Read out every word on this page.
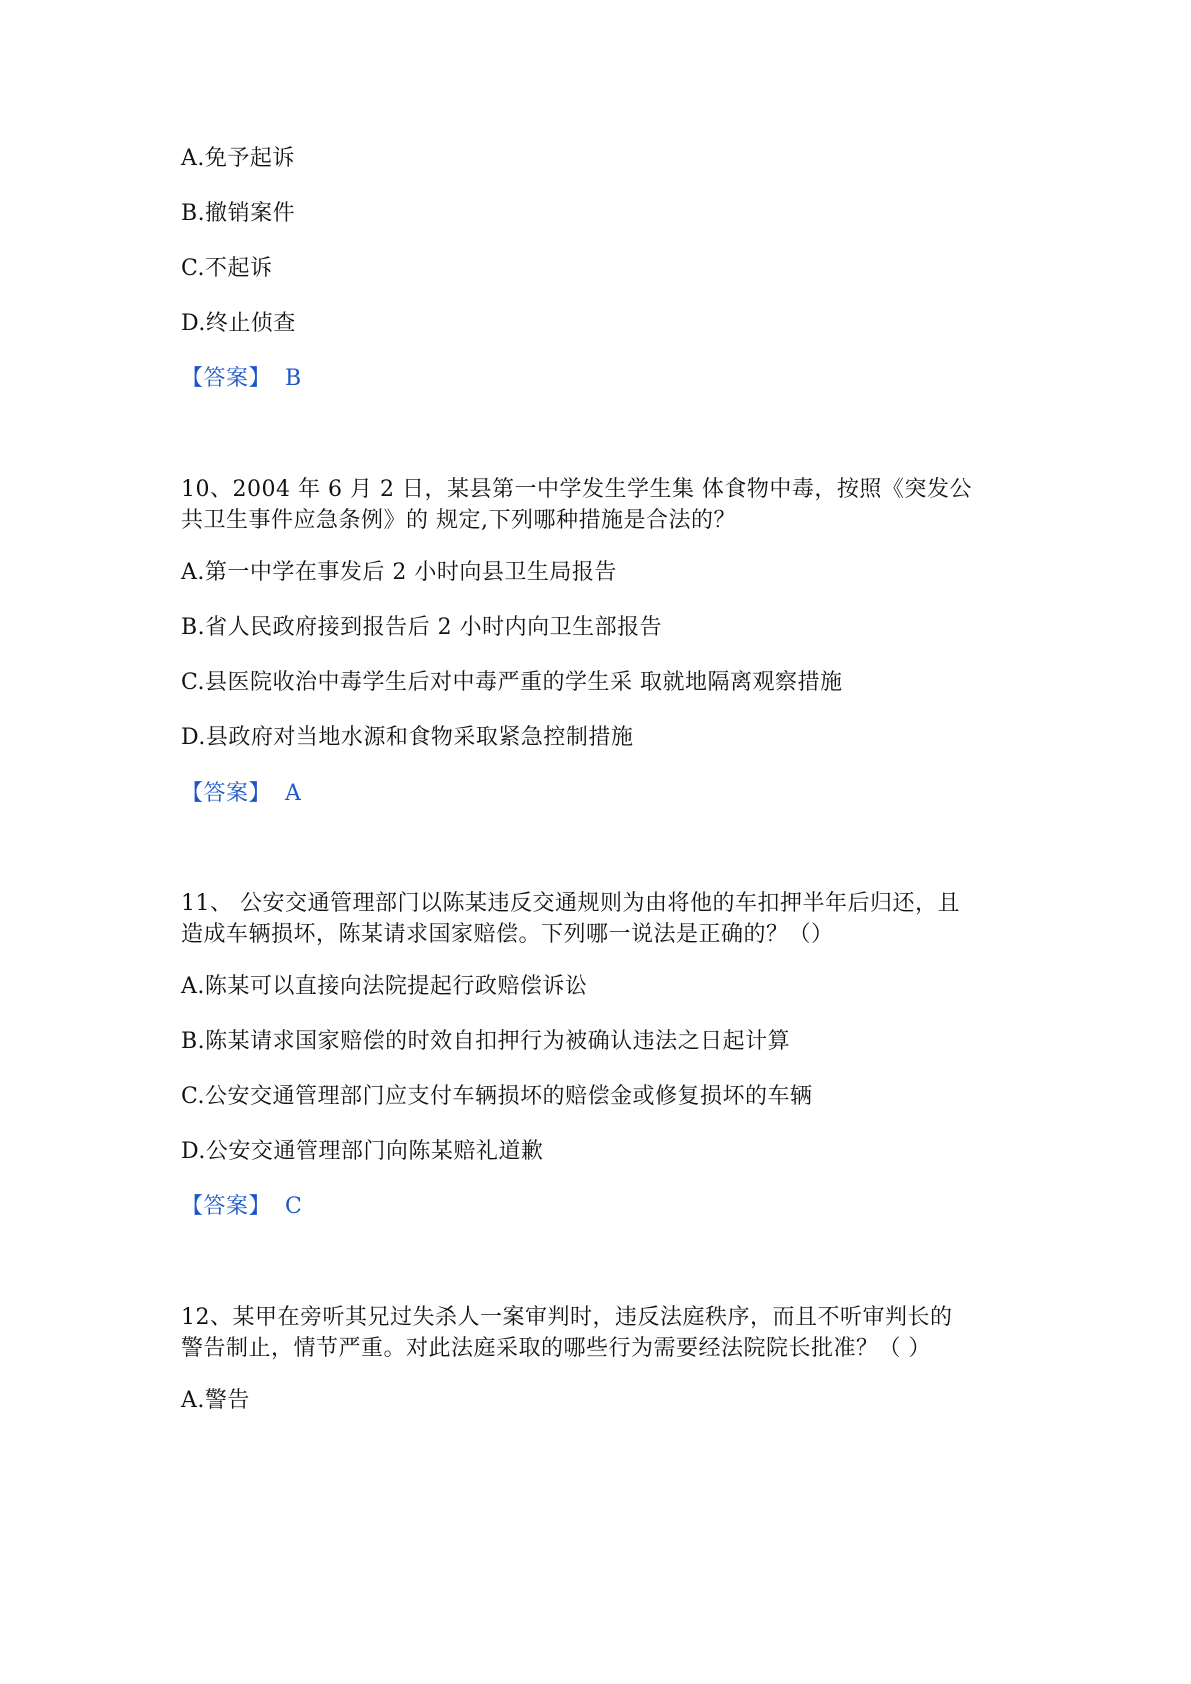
A.免予起诉
B.撤销案件
C.不起诉
D.终止侦查
【答案】 B
10、2004 年 6 月 2 日，某县第一中学发生学生集 体食物中毒，按照《突发公
共卫生事件应急条例》的 规定,下列哪种措施是合法的？
A.第一中学在事发后 2 小时向县卫生局报告
B.省人民政府接到报告后 2 小时内向卫生部报告
C.县医院收治中毒学生后对中毒严重的学生采 取就地隔离观察措施
D.县政府对当地水源和食物采取紧急控制措施
【答案】 A
11、 公安交通管理部门以陈某违反交通规则为由将他的车扣押半年后归还，且
造成车辆损坏，陈某请求国家赔偿。下列哪一说法是正确的？（）
A.陈某可以直接向法院提起行政赔偿诉讼
B.陈某请求国家赔偿的时效自扣押行为被确认违法之日起计算
C.公安交通管理部门应支付车辆损坏的赔偿金或修复损坏的车辆
D.公安交通管理部门向陈某赔礼道歉
【答案】 C
12、某甲在旁听其兄过失杀人一案审判时，违反法庭秩序，而且不听审判长的
警告制止，情节严重。对此法庭采取的哪些行为需要经法院院长批准？（ ）
A.警告
